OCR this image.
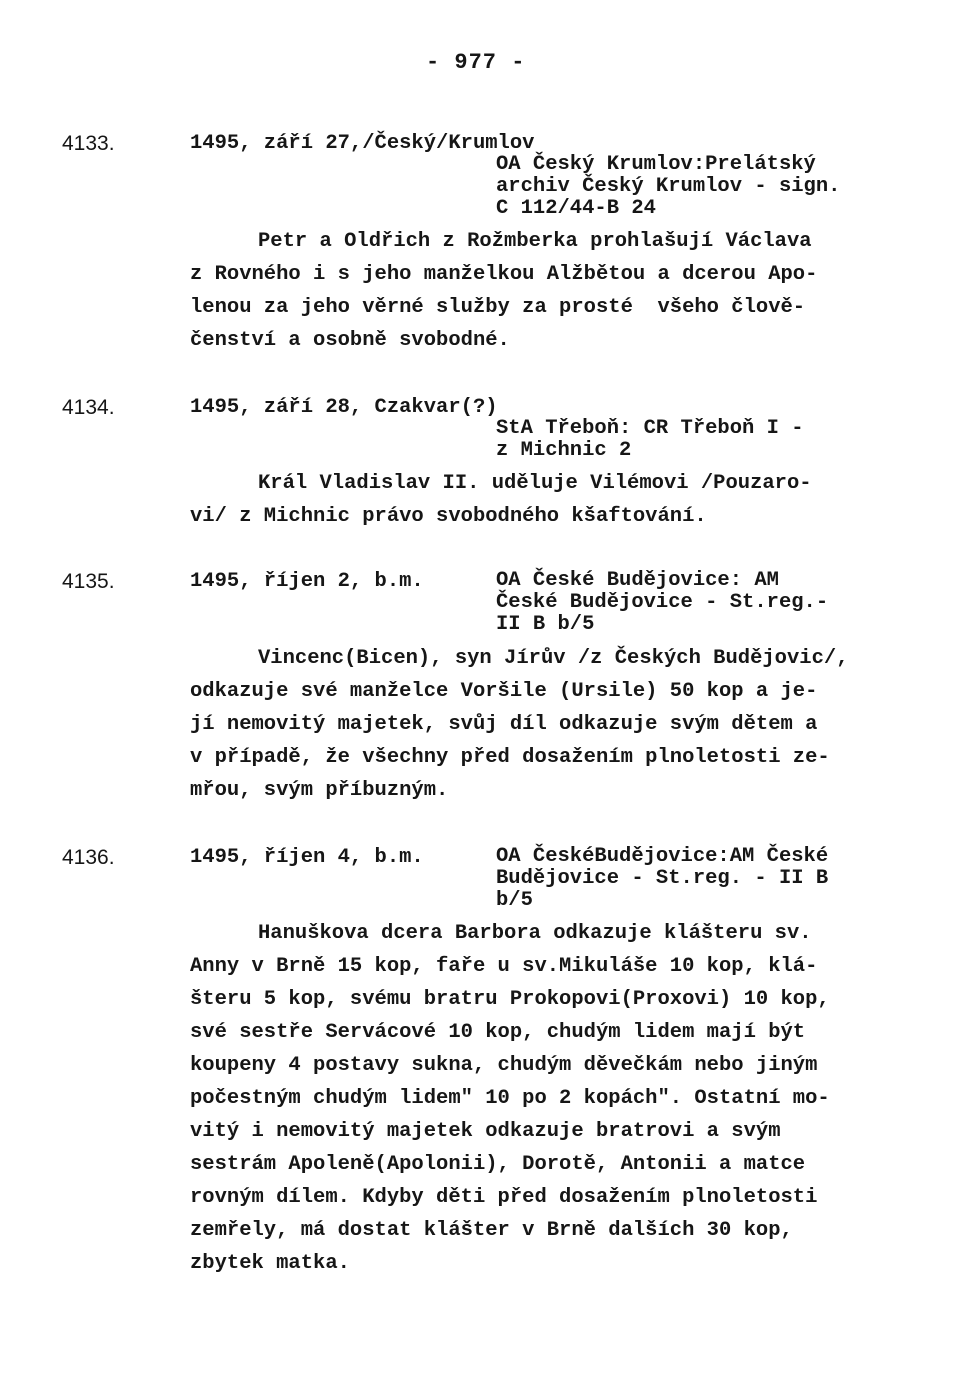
- 977 -
4133.	1495, září 27,/Český/Krumlov
OA Český Krumlov:Prelátský
archiv Český Krumlov - sign.
C 112/44-B 24
Petr a Oldřich z Rožmberka prohlašují Václava
z Rovného i s jeho manželkou Alžbětou a dcerou Apo-
lenou za jeho věrné služby za prosté  všeho člově-
čenství a osobně svobodné.
4134.	1495, září 28, Czakvar(?)
StA Třeboň: CR Třeboň I -
z Michnic 2
Král Vladislav II. uděluje Vilémovi /Pouzaro-
vi/ z Michnic právo svobodného kšaftování.
4135.	1495, říjen 2, b.m.	OA České Budějovice: AM
České Budějovice - St.reg.-
II B b/5
Vincenc(Bicen), syn Jírův /z Českých Budějovic/,
odkazuje své manželce Voršile (Ursile) 50 kop a je-
jí nemovitý majetek, svůj díl odkazuje svým dětem a
v případě, že všechny před dosažením plnoletosti ze-
mřou, svým příbuzným.
4136.	1495, říjen 4, b.m.	OA ČeskéBudějovice:AM České
Budějovice - St.reg. - II B
b/5
Hanuškova dcera Barbora odkazuje klášteru sv.
Anny v Brně 15 kop, faře u sv.Mikuláše 10 kop, klá-
šteru 5 kop, svému bratru Prokopovi(Proxovi) 10 kop,
své sestře Servácové 10 kop, chudým lidem mají být
koupeny 4 postavy sukna, chudým děvečkám nebo jiným
počestným chudým lidem" 10 po 2 kopách". Ostatní mo-
vitý i nemovitý majetek odkazuje bratrovi a svým
sestrám Apoleně(Apolonii), Dorotě, Antonii a matce
rovným dílem. Kdyby děti před dosažením plnoletosti
zemřely, má dostat klášter v Brně dalších 30 kop,
zbytek matka.
